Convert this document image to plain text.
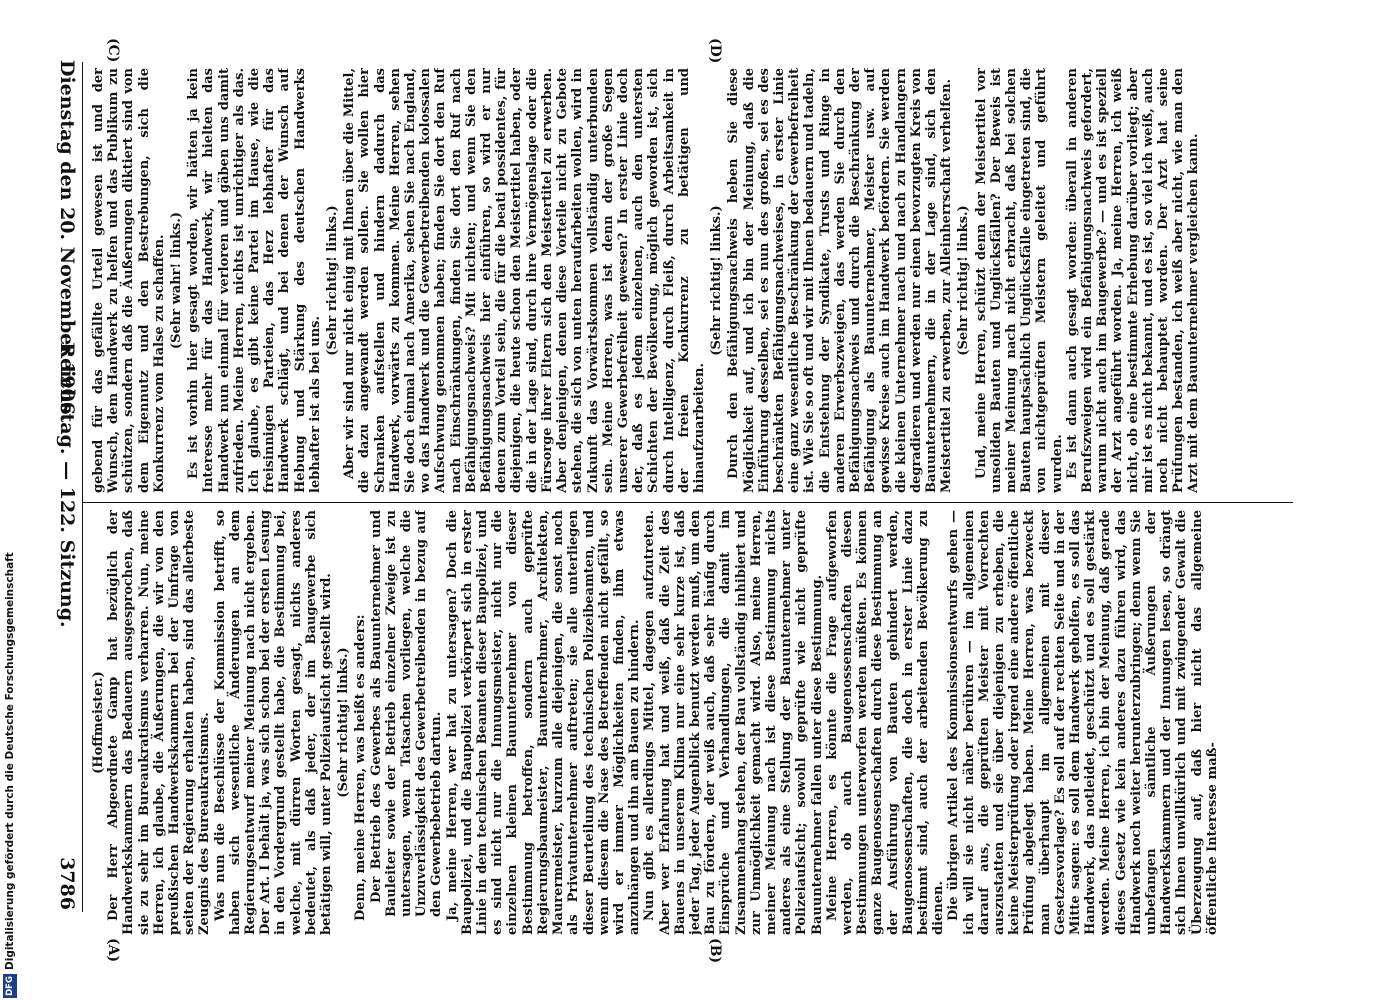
Dienstag den 20. November 1906.
Reichstag. — 122. Sitzung.
3786
(A)	(B)
(C)	(D)

(Hoffmeister.) Der Herr Abgeordnete Gamp hat bezüglich der Handwerkskammern das Bedauern ausgesprochen, daß sie zu sehr im Bureaukratismus verharren. Nun, meine Herren, ich glaube, die Äußerungen, die wir von den preußischen Handwerkskammern bei der Umfrage von seiten der Regierung erhalten haben, sind das allerbeste Zeugnis des Bureaukratismus. Was nun die Beschlüsse der Kommission betrifft, so haben sich wesentliche Änderungen an dem Regierungsentwurf meiner Meinung nach nicht ergeben. Der Art. I behält ja, was sich schon bei der ersten Lesung in den Vordergrund gestellt habe, die Bestimmung bei, welche, mit dürren Worten gesagt, nichts anderes bedeutet, als daß jeder, der im Baugewerbe sich betätigen will, unter Polizeiaufsicht gestellt wird. (Sehr richtig! links.) Denn, meine Herren, was heißt es anders: Der Betrieb des Gewerbes als Bauunternehmer und Bauleiter sowie der Betrieb einzelner Zweige ist zu untersagen, wenn Tatsachen vorliegen, welche die Unzuverlässigkeit des Gewerbetreibenden in bezug auf den Gewerbebetrieb dartun. Ja, meine Herren, wer hat zu untersagen? Doch die Baupolizei, und die Baupolizei verkörpert sich in erster Linie in dem technischen Beamten dieser Baupolizei, und es sind nicht nur die Innungsmeister, nicht nur die einzelnen kleinen Bauunternehmer von dieser Bestimmung betroffen, sondern auch geprüfte Regierungsbaumeister, Bauunternehmer, Architekten, Maurermeister, kurzum alle diejenigen, die sonst noch als Privatunternehmer auftreten; sie alle unterliegen dieser Beurteilung des technischen Polizeibeamten, und wenn diesem die Nase des Betreffenden nicht gefällt, so wird er immer Möglichkeiten finden, ihm etwas anzuhängen und ihn am Bauen zu hindern. Nun gibt es allerdings Mittel, dagegen aufzutreten. Aber wer Erfahrung hat und weiß, daß die Zeit des Bauens in unserem Klima nur eine sehr kurze ist, daß jeder Tag, jeder Augenblick benutzt werden muß, um den Bau zu fördern, der weiß auch, daß sehr häufig durch Einsprüche und Verhandlungen, die damit im Zusammenhang stehen, der Bau vollständig inhibiert und zur Unmöglichkeit gemacht wird. Also, meine Herren, meiner Meinung nach ist diese Bestimmung nichts anderes als eine Stellung der Bauunternehmer unter Polizeiaufsicht; sowohl geprüfte wie nicht geprüfte Bauunternehmer fallen unter diese Bestimmung. Meine Herren, es könnte die Frage aufgeworfen werden, ob auch Baugenossenschaften diesen Bestimmungen unterworfen werden müßten. Es können ganze Baugenossenschaften durch diese Bestimmung an der Ausführung von Bauten gehindert werden, Baugenossenschaften, die doch in erster Linie dazu bestimmt sind, auch der arbeitenden Bevölkerung zu dienen. Die übrigen Artikel des Kommissionsentwurfs gehen — ich will sie nicht näher berühren — im allgemeinen darauf aus, die geprüften Meister mit Vorrechten auszustatten und sie über diejenigen zu erheben, die keine Meisterprüfung oder irgend eine andere öffentliche Prüfung abgelegt haben. Meine Herren, was bezweckt man überhaupt im allgemeinen mit dieser Gesetzesvorlage? Es soll auf der rechten Seite und in der Mitte sagen: es soll dem Handwerk geholfen, es soll das Handwerk, das notleidet, geschützt und es soll gestärkt werden. Meine Herren, ich bin der Meinung, daß gerade dieses Gesetz wie kein anderes dazu führen wird, das Handwerk noch weiter herunterzubringen; denn wenn Sie unbefangen sämtliche Äußerungen der Handwerkskammern und der Innungen lesen, so drängt sich Ihnen unwillkürlich und mit zwingender Gewalt die Überzeugung auf, daß hier nicht das allgemeine öffentliche Interesse maß-

gebend für das gefällte Urteil gewesen ist und der Wunsch, dem Handwerk zu helfen und das Publikum zu schützen, sondern daß die Äußerungen diktiert sind von dem Eigennutz und den Bestrebungen, sich die Konkurrenz vom Halse zu schaffen. (Sehr wahr! links.) Es ist vorhin hier gesagt worden, wir hätten ja kein Interesse mehr für das Handwerk, wir hielten das Handwerk nun einmal für verloren und gäben uns damit zufrieden. Meine Herren, nichts ist unrichtiger als das. Ich glaube, es gibt keine Partei im Hause, wie die freisinnigen Parteien, das Herz lebhafter für das Handwerk schlägt, und bei denen der Wunsch auf Hebung und Stärkung des deutschen Handwerks lebhafter ist als bei uns.

(Sehr richtig! links.) Aber wir sind nur nicht einig mit Ihnen über die Mittel, die dazu angewandt werden sollen. Sie wollen hier Schranken aufstellen und hindern dadurch das Handwerk, vorwärts zu kommen. Meine Herren, sehen Sie doch einmal nach Amerika, sehen Sie nach England, wo das Handwerk und die Gewerbetreibenden kolossalen Aufschwung genommen haben; finden Sie dort den Ruf nach Einschränkungen, finden Sie dort den Ruf nach Befähigungsnachweis? Mit nichten; und wenn Sie den Befähigungsnachweis hier einführen, so wird er nur denen zum Vorteil sein, die für die beati possidentes, für diejenigen, die heute schon den Meistertitel haben, oder die in der Lage sind, durch ihre Vermögenslage oder die Fürsorge ihrer Eltern sich den Meistertitel zu erwerben. Aber denjenigen, denen diese Vorteile nicht zu Gebote stehen, die sich von unten heraufarbeiten wollen, wird in Zukunft das Vorwärtskommen vollständig unterbunden sein. Meine Herren, was ist denn der große Segen unserer Gewerbefreiheit gewesen? In erster Linie doch der, daß es jedem einzelnen, auch den untersten Schichten der Bevölkerung, möglich geworden ist, sich durch Intelligenz, durch Fleiß, durch Arbeitsamkeit in der freien Konkurrenz zu betätigen und hinaufzuarbeiten.

(Sehr richtig! links.) Durch den Befähigungsnachweis heben Sie diese Möglichkeit auf, und ich bin der Meinung, daß die Einführung desselben, sei es nun des großen, sei es des beschränkten Befähigungsnachweises, in erster Linie eine ganz wesentliche Beschränkung der Gewerbefreiheit ist. Wie Sie so oft und wir mit Ihnen bedauern und tadeln, die Entstehung der Syndikate, Trusts und Ringe in anderen Erwerbszweigen, das werden Sie durch den Befähigungsnachweis und durch die Beschränkung der Befähigung als Bauunternehmer, Meister usw. auf gewisse Kreise auch im Handwerk befördern. Sie werden die kleinen Unternehmer nach und nach zu Handlangern degradieren und werden nur einen bevorzugten Kreis von Bauunternehmern, die in der Lage sind, sich den Meistertitel zu erwerben, zur Alleinherrschaft verhelfen. (Sehr richtig! links.) Und, meine Herren, schützt denn der Meistertitel vor unsoliden Bauten und Unglücksfällen? Der Beweis ist meiner Meinung nach nicht erbracht, daß bei solchen Bauten hauptsächlich Unglücksfälle eingetreten sind, die von nichtgeprüften Meistern geleitet und geführt wurden. Es ist dann auch gesagt worden: überall in anderen Berufszweigen wird ein Befähigungsnachweis gefordert, warum nicht auch im Baugewerbe? — und es ist speziell der Arzt angeführt worden. Ja, meine Herren, ich weiß nicht, ob eine bestimmte Erhebung darüber vorliegt; aber mir ist es nicht bekannt, und es ist, so viel ich weiß, auch noch nicht behauptet worden. Der Arzt hat seine Prüfungen bestanden, ich weiß aber nicht, wie man den Arzt mit dem Bauunternehmer vergleichen kann.

Digitalisierung gefördert durch die Deutsche Forschungsgemeinschaft
DFG
